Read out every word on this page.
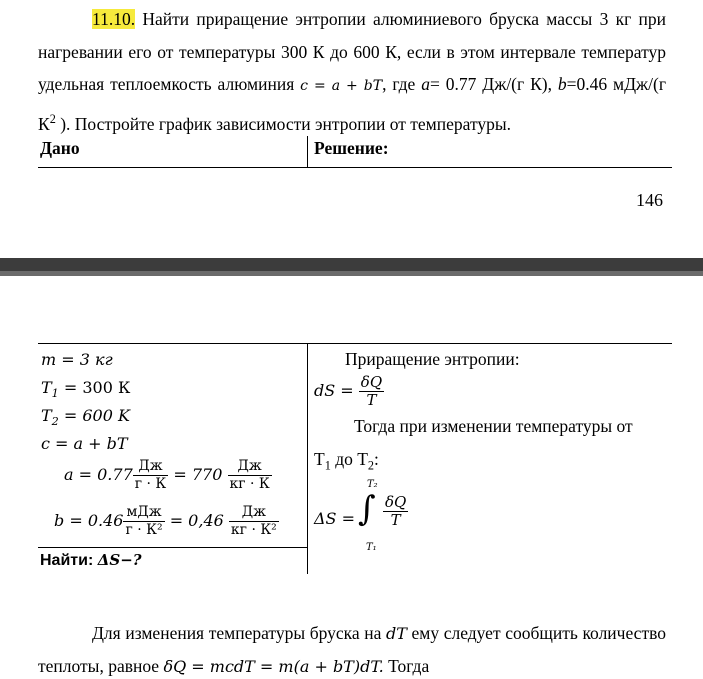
11.10. Найти приращение энтропии алюминиевого бруска массы 3 кг при нагревании его от температуры 300 К до 600 К, если в этом интервале температур удельная теплоемкость алюминия c = a + bT, где a= 0.77 Дж/(г К), b=0.46 мДж/(г $К^2$ ). Постройте график зависимости энтропии от температуры.

Дано	Решение:
146
m = 3 кг
$T_1 = 300$ К
$T_2 = 600$ K
c = a + bT
$a = 0.77 \frac{Дж}{г \cdot К} = 770 \frac{Дж}{кг \cdot К}$
$b = 0.46 \frac{\text{мДж}}{\text{г · К²}} = 0,46 \frac{Дж}{\text{кг · К²}}$
Найти: ΔS−?
Приращение энтропии:
dS = $\frac{\delta Q}{T}$
Тогда при изменении температуры от
$T_1$ до $T_2$:
ΔS =
T₂
∫
T₁
$\frac{\delta Q}{T}$

Для изменения температуры бруска на dT ему следует сообщить количество теплоты, равное δQ = mcdT = m(a + bT)dT. Тогда
